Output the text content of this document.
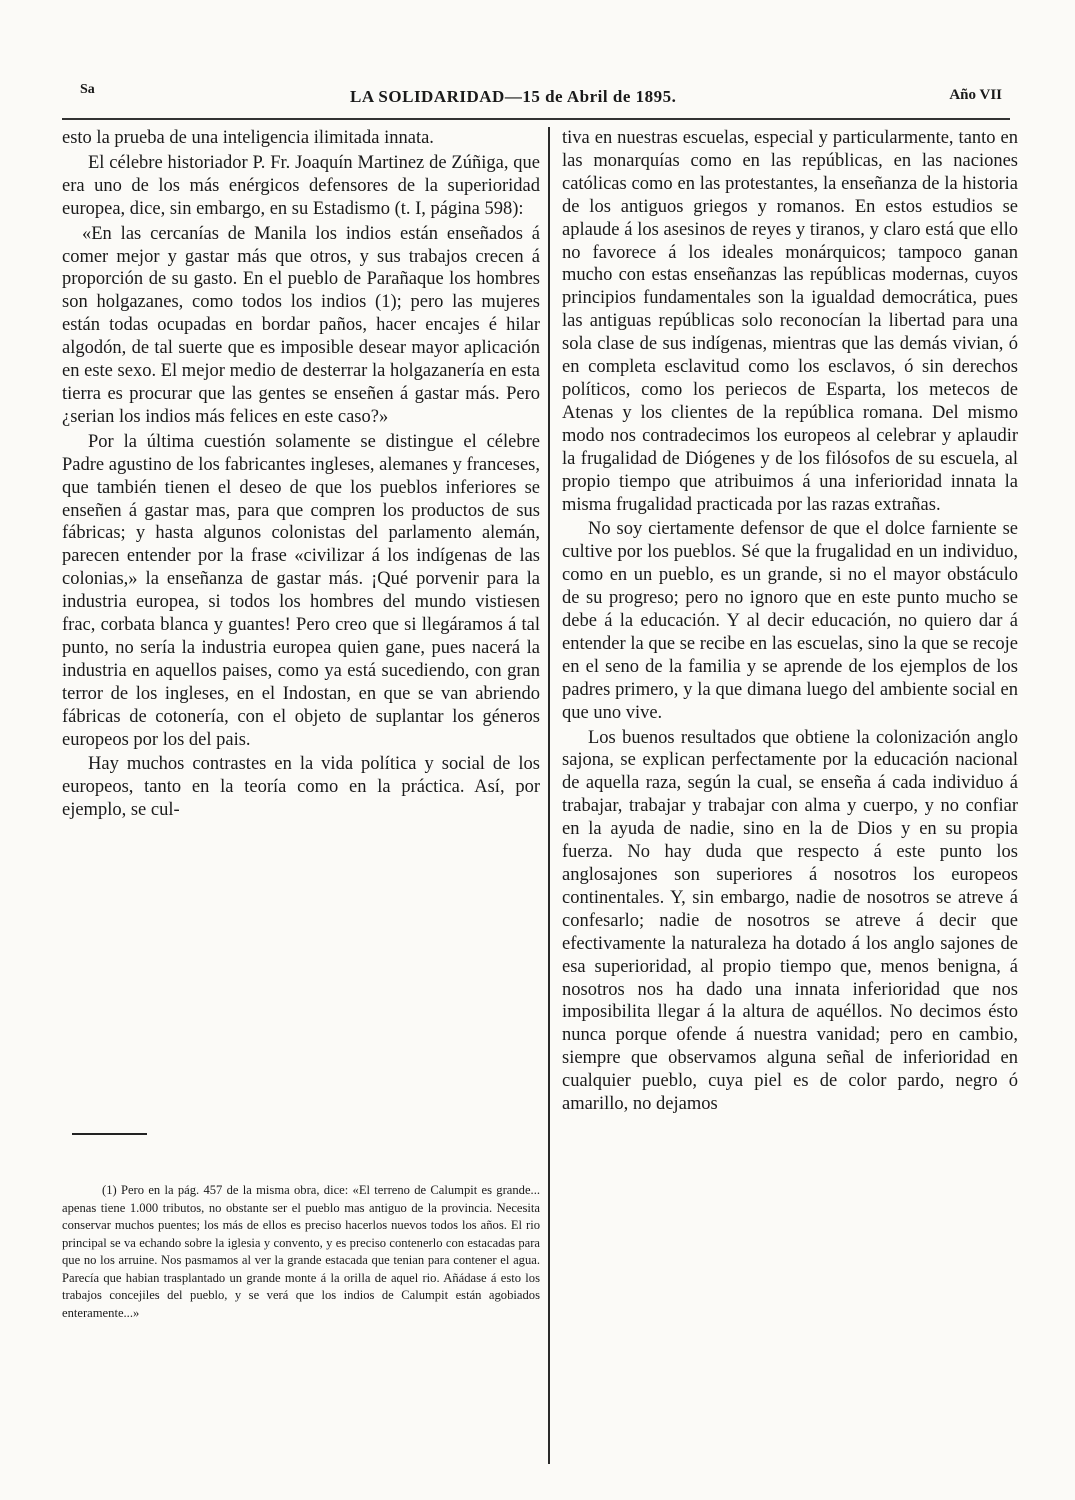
Sa	LA SOLIDARIDAD—15 de Abril de 1895.	Año VII

esto la prueba de una inteligencia ilimitada innata.

El célebre historiador P. Fr. Joaquín Martinez de Zúñiga, que era uno de los más enérgicos defensores de la superioridad europea, dice, sin embargo, en su Estadismo (t. I, página 598):

«En las cercanías de Manila los indios están enseñados á comer mejor y gastar más que otros, y sus trabajos crecen á proporción de su gasto. En el pueblo de Parañaque los hombres son holgazanes, como todos los indios (1); pero las mujeres están todas ocupadas en bordar paños, hacer encajes é hilar algodón, de tal suerte que es imposible desear mayor aplicación en este sexo. El mejor medio de desterrar la holgazanería en esta tierra es procurar que las gentes se enseñen á gastar más. Pero ¿serian los indios más felices en este caso?»

Por la última cuestión solamente se distingue el célebre Padre agustino de los fabricantes ingleses, alemanes y franceses, que también tienen el deseo de que los pueblos inferiores se enseñen á gastar mas, para que compren los productos de sus fábricas; y hasta algunos colonistas del parlamento alemán, parecen entender por la frase «civilizar á los indígenas de las colonias,» la enseñanza de gastar más. ¡Qué porvenir para la industria europea, si todos los hombres del mundo vistiesen frac, corbata blanca y guantes! Pero creo que si llegáramos á tal punto, no sería la industria europea quien gane, pues nacerá la industria en aquellos paises, como ya está sucediendo, con gran terror de los ingleses, en el Indostan, en que se van abriendo fábricas de cotonería, con el objeto de suplantar los géneros europeos por los del pais.

Hay muchos contrastes en la vida política y social de los europeos, tanto en la teoría como en la práctica. Así, por ejemplo, se cul-

tiva en nuestras escuelas, especial y particularmente, tanto en las monarquías como en las repúblicas, en las naciones católicas como en las protestantes, la enseñanza de la historia de los antiguos griegos y romanos. En estos estudios se aplaude á los asesinos de reyes y tiranos, y claro está que ello no favorece á los ideales monárquicos; tampoco ganan mucho con estas enseñanzas las repúblicas modernas, cuyos principios fundamentales son la igualdad democrática, pues las antiguas repúblicas solo reconocían la libertad para una sola clase de sus indígenas, mientras que las demás vivian, ó en completa esclavitud como los esclavos, ó sin derechos políticos, como los periecos de Esparta, los metecos de Atenas y los clientes de la república romana. Del mismo modo nos contradecimos los europeos al celebrar y aplaudir la frugalidad de Diógenes y de los filósofos de su escuela, al propio tiempo que atribuimos á una inferioridad innata la misma frugalidad practicada por las razas extrañas.

No soy ciertamente defensor de que el dolce farniente se cultive por los pueblos. Sé que la frugalidad en un individuo, como en un pueblo, es un grande, si no el mayor obstáculo de su progreso; pero no ignoro que en este punto mucho se debe á la educación. Y al decir educación, no quiero dar á entender la que se recibe en las escuelas, sino la que se recoje en el seno de la familia y se aprende de los ejemplos de los padres primero, y la que dimana luego del ambiente social en que uno vive.

Los buenos resultados que obtiene la colonización anglo sajona, se explican perfectamente por la educación nacional de aquella raza, según la cual, se enseña á cada individuo á trabajar, trabajar y trabajar con alma y cuerpo, y no confiar en la ayuda de nadie, sino en la de Dios y en su propia fuerza. No hay duda que respecto á este punto los anglosajones son superiores á nosotros los europeos continentales. Y, sin embargo, nadie de nosotros se atreve á confesarlo; nadie de nosotros se atreve á decir que efectivamente la naturaleza ha dotado á los anglo sajones de esa superioridad, al propio tiempo que, menos benigna, á nosotros nos ha dado una innata inferioridad que nos imposibilita llegar á la altura de aquéllos. No decimos ésto nunca porque ofende á nuestra vanidad; pero en cambio, siempre que observamos alguna señal de inferioridad en cualquier pueblo, cuya piel es de color pardo, negro ó amarillo, no dejamos

(1) Pero en la pág. 457 de la misma obra, dice: «El terreno de Calumpit es grande... apenas tiene 1.000 tributos, no obstante ser el pueblo mas antiguo de la provincia. Necesita conservar muchos puentes; los más de ellos es preciso hacerlos nuevos todos los años. El rio principal se va echando sobre la iglesia y convento, y es preciso contenerlo con estacadas para que no los arruine. Nos pasmamos al ver la grande estacada que tenian para contener el agua. Parecía que habian trasplantado un grande monte á la orilla de aquel rio. Añádase á esto los trabajos concejiles del pueblo, y se verá que los indios de Calumpit están agobiados enteramente...»
